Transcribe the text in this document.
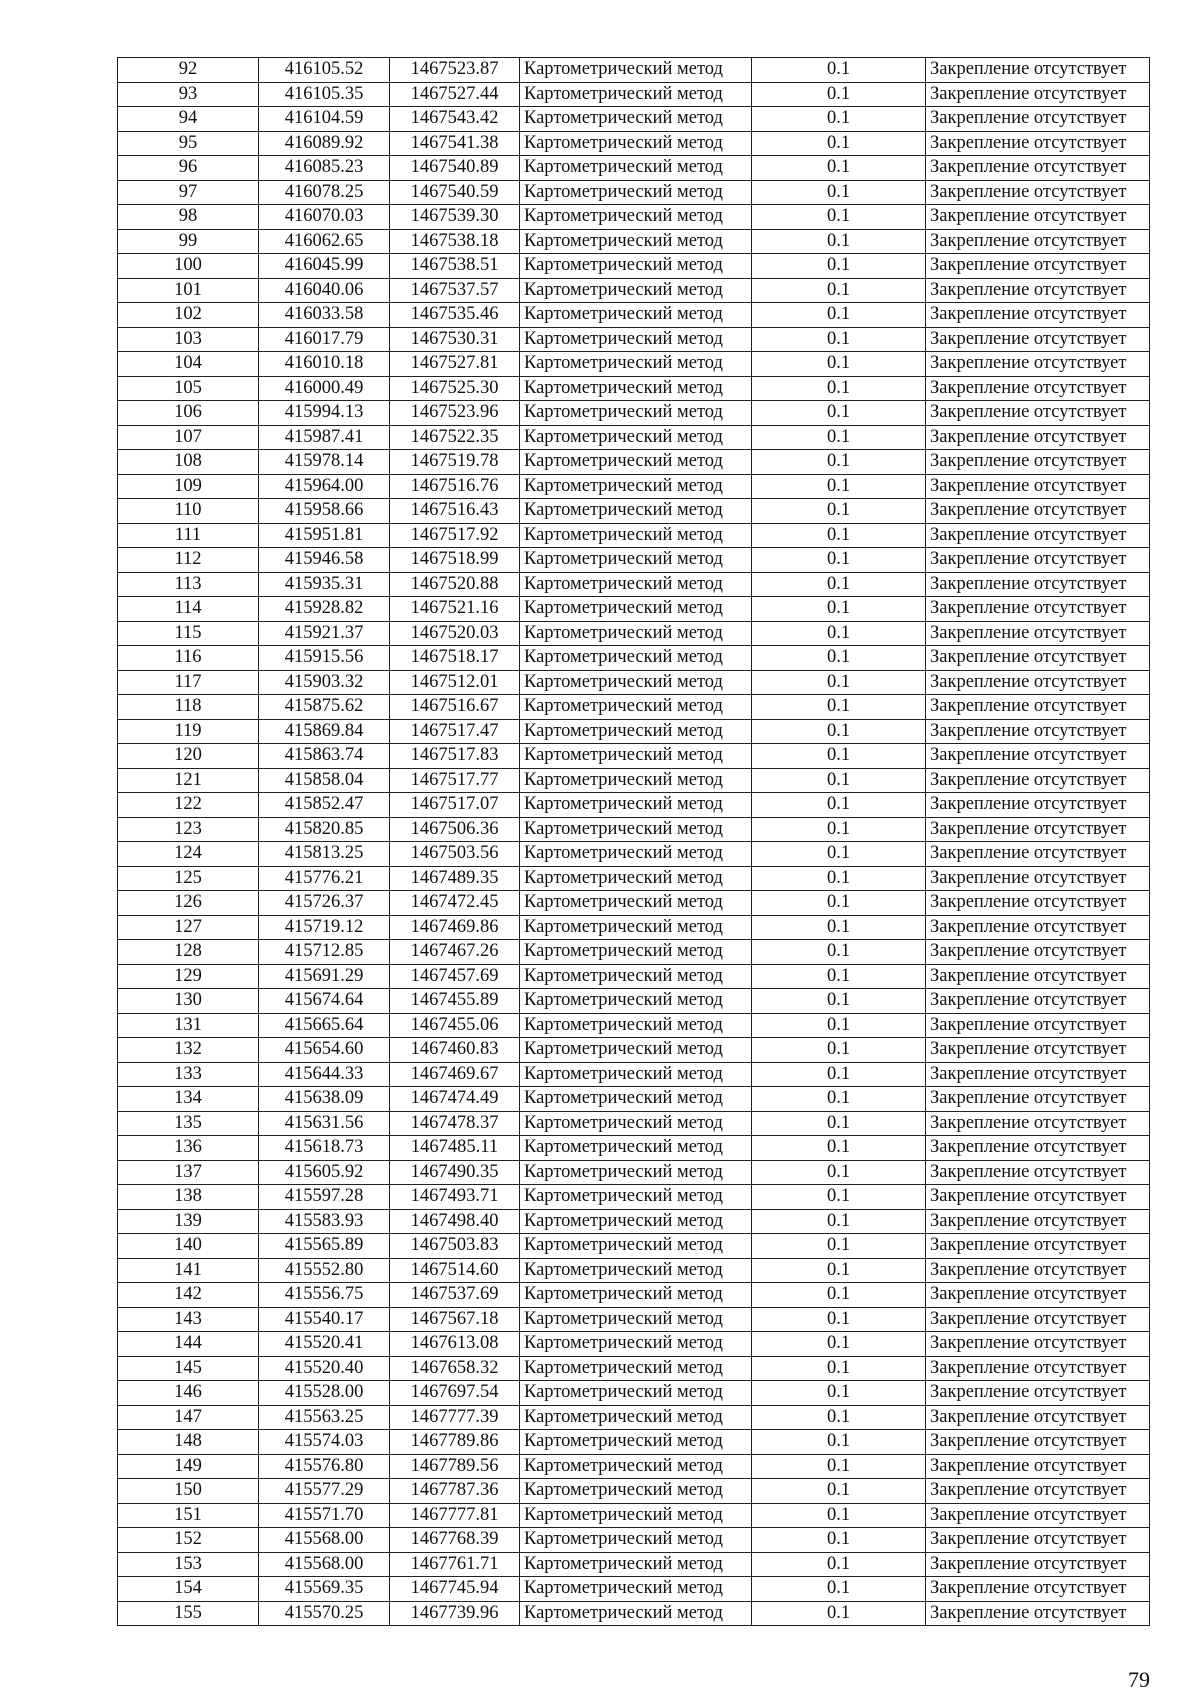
92	416105.52	1467523.87	Картометрический метод	0.1	Закрепление отсутствует
93	416105.35	1467527.44	Картометрический метод	0.1	Закрепление отсутствует
94	416104.59	1467543.42	Картометрический метод	0.1	Закрепление отсутствует
95	416089.92	1467541.38	Картометрический метод	0.1	Закрепление отсутствует
96	416085.23	1467540.89	Картометрический метод	0.1	Закрепление отсутствует
97	416078.25	1467540.59	Картометрический метод	0.1	Закрепление отсутствует
98	416070.03	1467539.30	Картометрический метод	0.1	Закрепление отсутствует
99	416062.65	1467538.18	Картометрический метод	0.1	Закрепление отсутствует
100	416045.99	1467538.51	Картометрический метод	0.1	Закрепление отсутствует
101	416040.06	1467537.57	Картометрический метод	0.1	Закрепление отсутствует
102	416033.58	1467535.46	Картометрический метод	0.1	Закрепление отсутствует
103	416017.79	1467530.31	Картометрический метод	0.1	Закрепление отсутствует
104	416010.18	1467527.81	Картометрический метод	0.1	Закрепление отсутствует
105	416000.49	1467525.30	Картометрический метод	0.1	Закрепление отсутствует
106	415994.13	1467523.96	Картометрический метод	0.1	Закрепление отсутствует
107	415987.41	1467522.35	Картометрический метод	0.1	Закрепление отсутствует
108	415978.14	1467519.78	Картометрический метод	0.1	Закрепление отсутствует
109	415964.00	1467516.76	Картометрический метод	0.1	Закрепление отсутствует
110	415958.66	1467516.43	Картометрический метод	0.1	Закрепление отсутствует
111	415951.81	1467517.92	Картометрический метод	0.1	Закрепление отсутствует
112	415946.58	1467518.99	Картометрический метод	0.1	Закрепление отсутствует
113	415935.31	1467520.88	Картометрический метод	0.1	Закрепление отсутствует
114	415928.82	1467521.16	Картометрический метод	0.1	Закрепление отсутствует
115	415921.37	1467520.03	Картометрический метод	0.1	Закрепление отсутствует
116	415915.56	1467518.17	Картометрический метод	0.1	Закрепление отсутствует
117	415903.32	1467512.01	Картометрический метод	0.1	Закрепление отсутствует
118	415875.62	1467516.67	Картометрический метод	0.1	Закрепление отсутствует
119	415869.84	1467517.47	Картометрический метод	0.1	Закрепление отсутствует
120	415863.74	1467517.83	Картометрический метод	0.1	Закрепление отсутствует
121	415858.04	1467517.77	Картометрический метод	0.1	Закрепление отсутствует
122	415852.47	1467517.07	Картометрический метод	0.1	Закрепление отсутствует
123	415820.85	1467506.36	Картометрический метод	0.1	Закрепление отсутствует
124	415813.25	1467503.56	Картометрический метод	0.1	Закрепление отсутствует
125	415776.21	1467489.35	Картометрический метод	0.1	Закрепление отсутствует
126	415726.37	1467472.45	Картометрический метод	0.1	Закрепление отсутствует
127	415719.12	1467469.86	Картометрический метод	0.1	Закрепление отсутствует
128	415712.85	1467467.26	Картометрический метод	0.1	Закрепление отсутствует
129	415691.29	1467457.69	Картометрический метод	0.1	Закрепление отсутствует
130	415674.64	1467455.89	Картометрический метод	0.1	Закрепление отсутствует
131	415665.64	1467455.06	Картометрический метод	0.1	Закрепление отсутствует
132	415654.60	1467460.83	Картометрический метод	0.1	Закрепление отсутствует
133	415644.33	1467469.67	Картометрический метод	0.1	Закрепление отсутствует
134	415638.09	1467474.49	Картометрический метод	0.1	Закрепление отсутствует
135	415631.56	1467478.37	Картометрический метод	0.1	Закрепление отсутствует
136	415618.73	1467485.11	Картометрический метод	0.1	Закрепление отсутствует
137	415605.92	1467490.35	Картометрический метод	0.1	Закрепление отсутствует
138	415597.28	1467493.71	Картометрический метод	0.1	Закрепление отсутствует
139	415583.93	1467498.40	Картометрический метод	0.1	Закрепление отсутствует
140	415565.89	1467503.83	Картометрический метод	0.1	Закрепление отсутствует
141	415552.80	1467514.60	Картометрический метод	0.1	Закрепление отсутствует
142	415556.75	1467537.69	Картометрический метод	0.1	Закрепление отсутствует
143	415540.17	1467567.18	Картометрический метод	0.1	Закрепление отсутствует
144	415520.41	1467613.08	Картометрический метод	0.1	Закрепление отсутствует
145	415520.40	1467658.32	Картометрический метод	0.1	Закрепление отсутствует
146	415528.00	1467697.54	Картометрический метод	0.1	Закрепление отсутствует
147	415563.25	1467777.39	Картометрический метод	0.1	Закрепление отсутствует
148	415574.03	1467789.86	Картометрический метод	0.1	Закрепление отсутствует
149	415576.80	1467789.56	Картометрический метод	0.1	Закрепление отсутствует
150	415577.29	1467787.36	Картометрический метод	0.1	Закрепление отсутствует
151	415571.70	1467777.81	Картометрический метод	0.1	Закрепление отсутствует
152	415568.00	1467768.39	Картометрический метод	0.1	Закрепление отсутствует
153	415568.00	1467761.71	Картометрический метод	0.1	Закрепление отсутствует
154	415569.35	1467745.94	Картометрический метод	0.1	Закрепление отсутствует
155	415570.25	1467739.96	Картометрический метод	0.1	Закрепление отсутствует
79
